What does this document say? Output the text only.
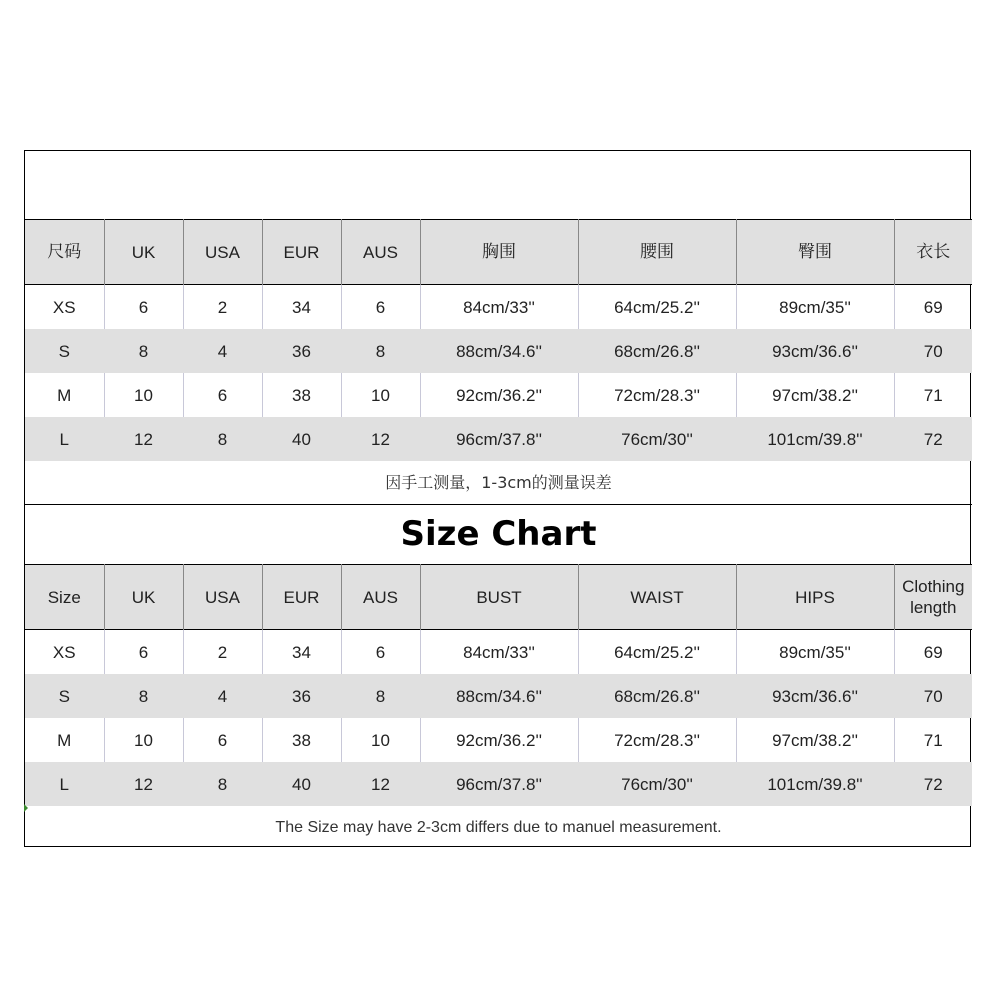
尺码	UK	USA	EUR	AUS	胸围	腰围	臀围	衣长
XS	6	2	34	6	84cm/33''	64cm/25.2''	89cm/35''	69
S	8	4	36	8	88cm/34.6''	68cm/26.8''	93cm/36.6''	70
M	10	6	38	10	92cm/36.2''	72cm/28.3''	97cm/38.2''	71
L	12	8	40	12	96cm/37.8''	76cm/30''	101cm/39.8''	72
因手工测量，1-3cm的测量误差								
Size Chart								
Size	UK	USA	EUR	AUS	BUST	WAIST	HIPS	Clothing length
XS	6	2	34	6	84cm/33''	64cm/25.2''	89cm/35''	69
S	8	4	36	8	88cm/34.6''	68cm/26.8''	93cm/36.6''	70
M	10	6	38	10	92cm/36.2''	72cm/28.3''	97cm/38.2''	71
L	12	8	40	12	96cm/37.8''	76cm/30''	101cm/39.8''	72
The Size may have 2-3cm differs due to manuel measurement.								
